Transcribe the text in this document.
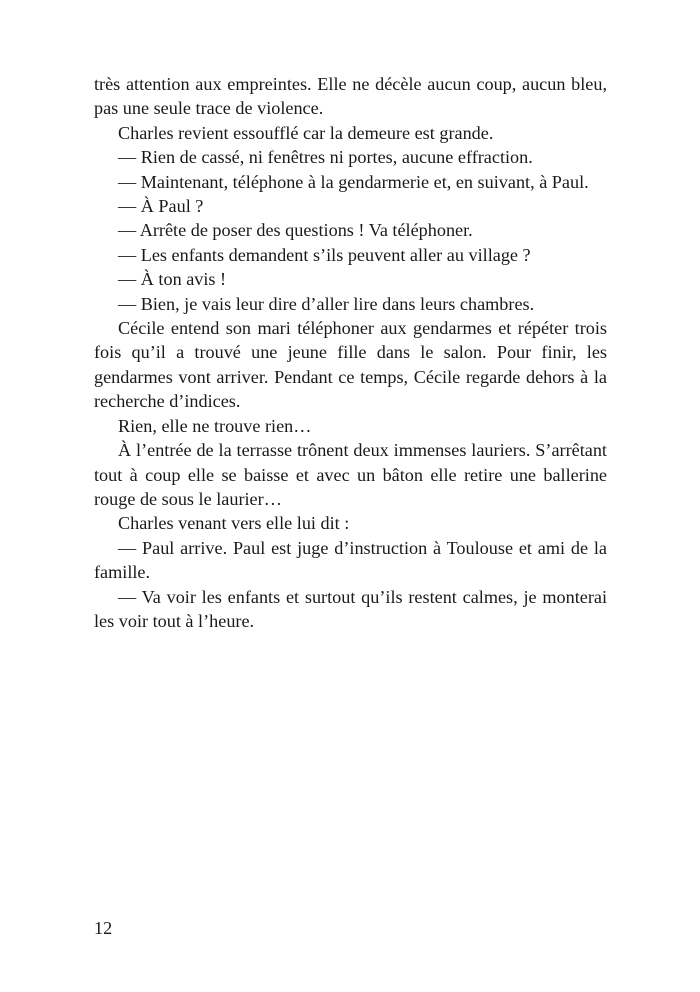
très attention aux empreintes. Elle ne décèle aucun coup, aucun bleu, pas une seule trace de violence.

Charles revient essoufflé car la demeure est grande.

— Rien de cassé, ni fenêtres ni portes, aucune effraction.

— Maintenant, téléphone à la gendarmerie et, en suivant, à Paul.

— À Paul ?

— Arrête de poser des questions ! Va téléphoner.

— Les enfants demandent s’ils peuvent aller au village ?

— À ton avis !

— Bien, je vais leur dire d’aller lire dans leurs chambres.

Cécile entend son mari téléphoner aux gendarmes et répéter trois fois qu’il a trouvé une jeune fille dans le salon. Pour finir, les gendarmes vont arriver. Pendant ce temps, Cécile regarde dehors à la recherche d’indices.

Rien, elle ne trouve rien…

À l’entrée de la terrasse trônent deux immenses lauriers. S’arrêtant tout à coup elle se baisse et avec un bâton elle retire une ballerine rouge de sous le laurier…

Charles venant vers elle lui dit :

— Paul arrive. Paul est juge d’instruction à Toulouse et ami de la famille.

— Va voir les enfants et surtout qu’ils restent calmes, je monterai les voir tout à l’heure.

12
